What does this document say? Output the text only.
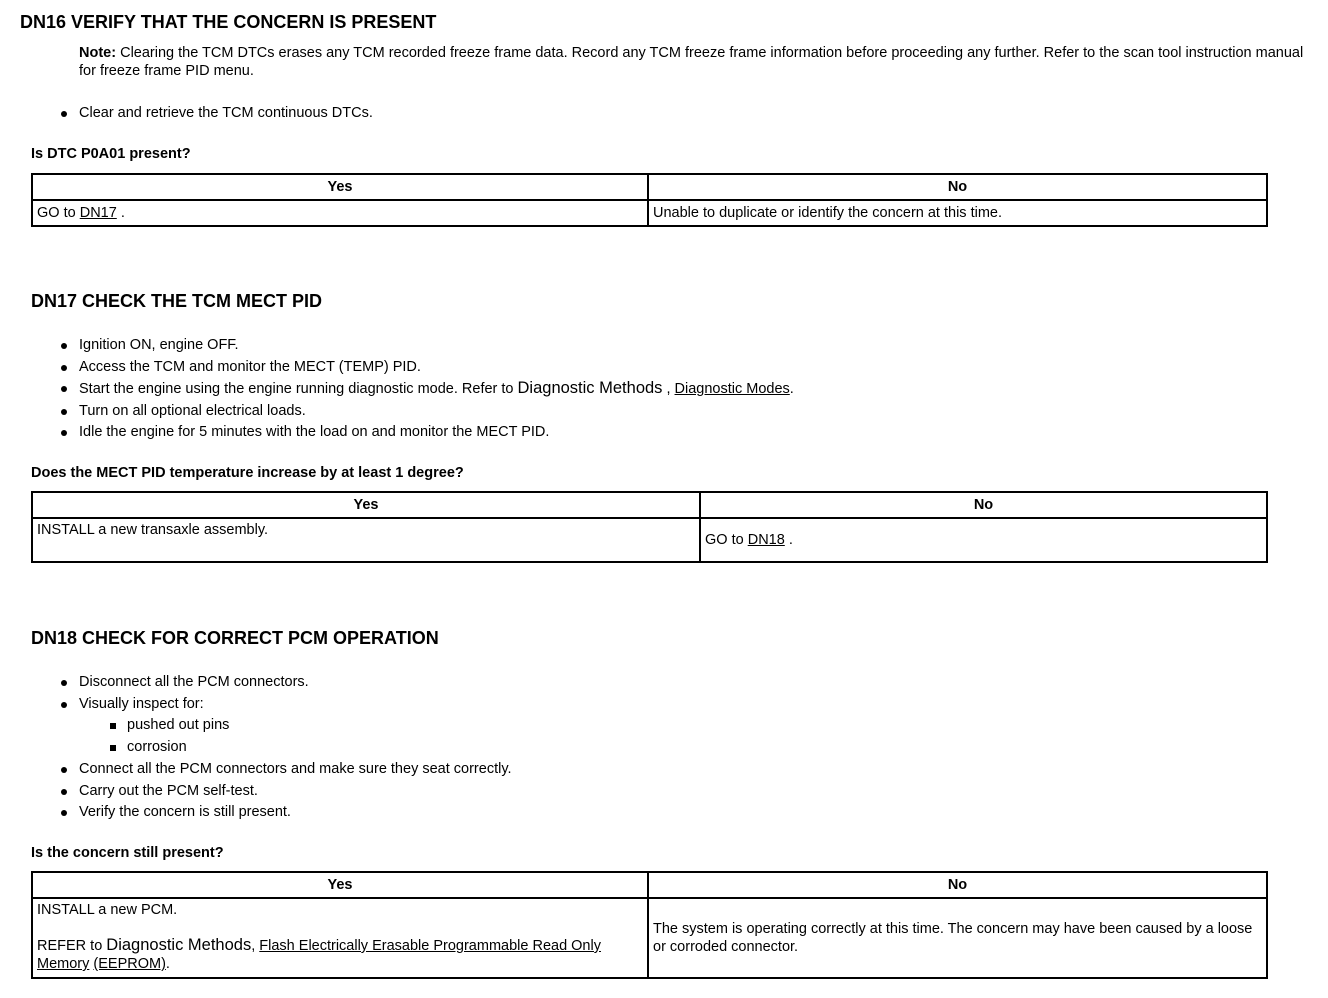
DN16 VERIFY THAT THE CONCERN IS PRESENT
Note: Clearing the TCM DTCs erases any TCM recorded freeze frame data. Record any TCM freeze frame information before proceeding any further. Refer to the scan tool instruction manual for freeze frame PID menu.
Clear and retrieve the TCM continuous DTCs.
Is DTC P0A01 present?
Yes	No
GO to DN17 .	Unable to duplicate or identify the concern at this time.
DN17 CHECK THE TCM MECT PID
Ignition ON, engine OFF.
Access the TCM and monitor the MECT (TEMP) PID.
Start the engine using the engine running diagnostic mode. Refer to Diagnostic Methods , Diagnostic Modes.
Turn on all optional electrical loads.
Idle the engine for 5 minutes with the load on and monitor the MECT PID.
Does the MECT PID temperature increase by at least 1 degree?
Yes	No
INSTALL a new transaxle assembly.	GO to DN18 .
DN18 CHECK FOR CORRECT PCM OPERATION
Disconnect all the PCM connectors.
Visually inspect for:
pushed out pins
corrosion
Connect all the PCM connectors and make sure they seat correctly.
Carry out the PCM self-test.
Verify the concern is still present.
Is the concern still present?
Yes	No

INSTALL a new PCM.
REFER to Diagnostic Methods, Flash Electrically Erasable Programmable Read Only Memory (EEPROM).	The system is operating correctly at this time. The concern may have been caused by a loose or corroded connector.
